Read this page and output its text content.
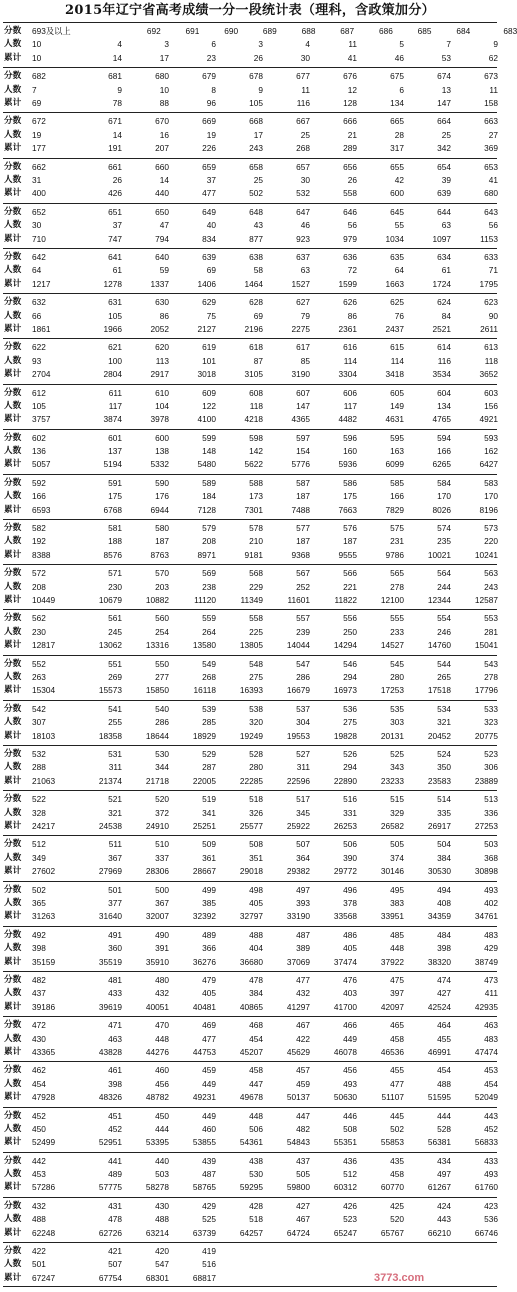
2015年辽宁省高考成绩一分一段统计表（理科，含政策加分）
分数	693及以上	692	691	690	689	688	687	686	685	684	683
人数	10	4	3	6	3	4	11	5	7	9
累计	10	14	17	23	26	30	41	46	53	62
分数	682	681	680	679	678	677	676	675	674	673
人数	7	9	10	8	9	11	12	6	13	11
累计	69	78	88	96	105	116	128	134	147	158
分数	672	671	670	669	668	667	666	665	664	663
人数	19	14	16	19	17	25	21	28	25	27
累计	177	191	207	226	243	268	289	317	342	369
分数	662	661	660	659	658	657	656	655	654	653
人数	31	26	14	37	25	30	26	42	39	41
累计	400	426	440	477	502	532	558	600	639	680
分数	652	651	650	649	648	647	646	645	644	643
人数	30	37	47	40	43	46	56	55	63	56
累计	710	747	794	834	877	923	979	1034	1097	1153
分数	642	641	640	639	638	637	636	635	634	633
人数	64	61	59	69	58	63	72	64	61	71
累计	1217	1278	1337	1406	1464	1527	1599	1663	1724	1795
分数	632	631	630	629	628	627	626	625	624	623
人数	66	105	86	75	69	79	86	76	84	90
累计	1861	1966	2052	2127	2196	2275	2361	2437	2521	2611
分数	622	621	620	619	618	617	616	615	614	613
人数	93	100	113	101	87	85	114	114	116	118
累计	2704	2804	2917	3018	3105	3190	3304	3418	3534	3652
分数	612	611	610	609	608	607	606	605	604	603
人数	105	117	104	122	118	147	117	149	134	156
累计	3757	3874	3978	4100	4218	4365	4482	4631	4765	4921
分数	602	601	600	599	598	597	596	595	594	593
人数	136	137	138	148	142	154	160	163	166	162
累计	5057	5194	5332	5480	5622	5776	5936	6099	6265	6427
分数	592	591	590	589	588	587	586	585	584	583
人数	166	175	176	184	173	187	175	166	170	170
累计	6593	6768	6944	7128	7301	7488	7663	7829	8026	8196
分数	582	581	580	579	578	577	576	575	574	573
人数	192	188	187	208	210	187	187	231	235	220
累计	8388	8576	8763	8971	9181	9368	9555	9786	10021	10241
分数	572	571	570	569	568	567	566	565	564	563
人数	208	230	203	238	229	252	221	278	244	243
累计	10449	10679	10882	11120	11349	11601	11822	12100	12344	12587
分数	562	561	560	559	558	557	556	555	554	553
人数	230	245	254	264	225	239	250	233	246	281
累计	12817	13062	13316	13580	13805	14044	14294	14527	14760	15041
分数	552	551	550	549	548	547	546	545	544	543
人数	263	269	277	268	275	286	294	280	265	278
累计	15304	15573	15850	16118	16393	16679	16973	17253	17518	17796
分数	542	541	540	539	538	537	536	535	534	533
人数	307	255	286	285	320	304	275	303	321	323
累计	18103	18358	18644	18929	19249	19553	19828	20131	20452	20775
分数	532	531	530	529	528	527	526	525	524	523
人数	288	311	344	287	280	311	294	343	350	306
累计	21063	21374	21718	22005	22285	22596	22890	23233	23583	23889
分数	522	521	520	519	518	517	516	515	514	513
人数	328	321	372	341	326	345	331	329	335	336
累计	24217	24538	24910	25251	25577	25922	26253	26582	26917	27253
分数	512	511	510	509	508	507	506	505	504	503
人数	349	367	337	361	351	364	390	374	384	368
累计	27602	27969	28306	28667	29018	29382	29772	30146	30530	30898
分数	502	501	500	499	498	497	496	495	494	493
人数	365	377	367	385	405	393	378	383	408	402
累计	31263	31640	32007	32392	32797	33190	33568	33951	34359	34761
分数	492	491	490	489	488	487	486	485	484	483
人数	398	360	391	366	404	389	405	448	398	429
累计	35159	35519	35910	36276	36680	37069	37474	37922	38320	38749
分数	482	481	480	479	478	477	476	475	474	473
人数	437	433	432	405	384	432	403	397	427	411
累计	39186	39619	40051	40481	40865	41297	41700	42097	42524	42935
分数	472	471	470	469	468	467	466	465	464	463
人数	430	463	448	477	454	422	449	458	455	483
累计	43365	43828	44276	44753	45207	45629	46078	46536	46991	47474
分数	462	461	460	459	458	457	456	455	454	453
人数	454	398	456	449	447	459	493	477	488	454
累计	47928	48326	48782	49231	49678	50137	50630	51107	51595	52049
分数	452	451	450	449	448	447	446	445	444	443
人数	450	452	444	460	506	482	508	502	528	452
累计	52499	52951	53395	53855	54361	54843	55351	55853	56381	56833
分数	442	441	440	439	438	437	436	435	434	433
人数	453	489	503	487	530	505	512	458	497	493
累计	57286	57775	58278	58765	59295	59800	60312	60770	61267	61760
分数	432	431	430	429	428	427	426	425	424	423
人数	488	478	488	525	518	467	523	520	443	536
累计	62248	62726	63214	63739	64257	64724	65247	65767	66210	66746
分数	422	421	420	419
人数	501	507	547	516
累计	67247	67754	68301	68817	3773.com
